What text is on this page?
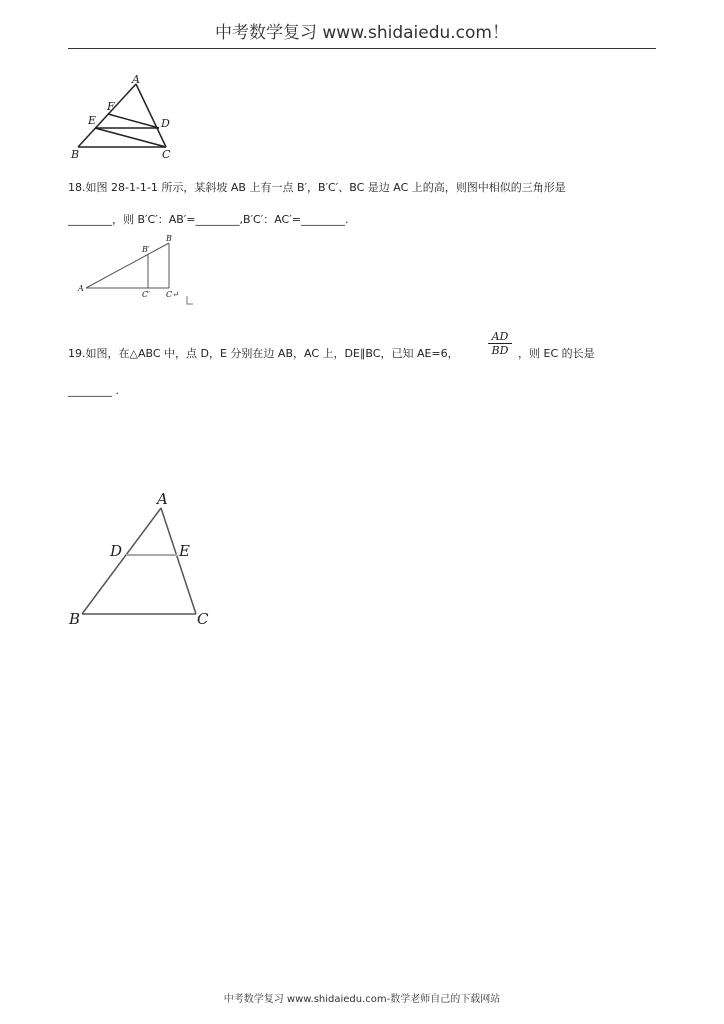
中考数学复习 www.shidaiedu.com！
A
F
E	D
B	C
18.如图 28-1-1-1 所示，某斜坡 AB 上有一点 B′，B′C′、BC 是边 AC 上的高，则图中相似的三角形是
________，则 B′C′：AB′=________,B′C′：AC′=________.
A
B′
B
C′ C↵
19.如图，在△ABC 中，点 D，E 分别在边 AB，AC 上，DE∥BC，已知 AE=6，	$\frac{AD}{BD}$ ，则 EC 的长是
________ .
A
D	E
B	C
中考数学复习 www.shidaiedu.com-数学老师自己的下载网站
